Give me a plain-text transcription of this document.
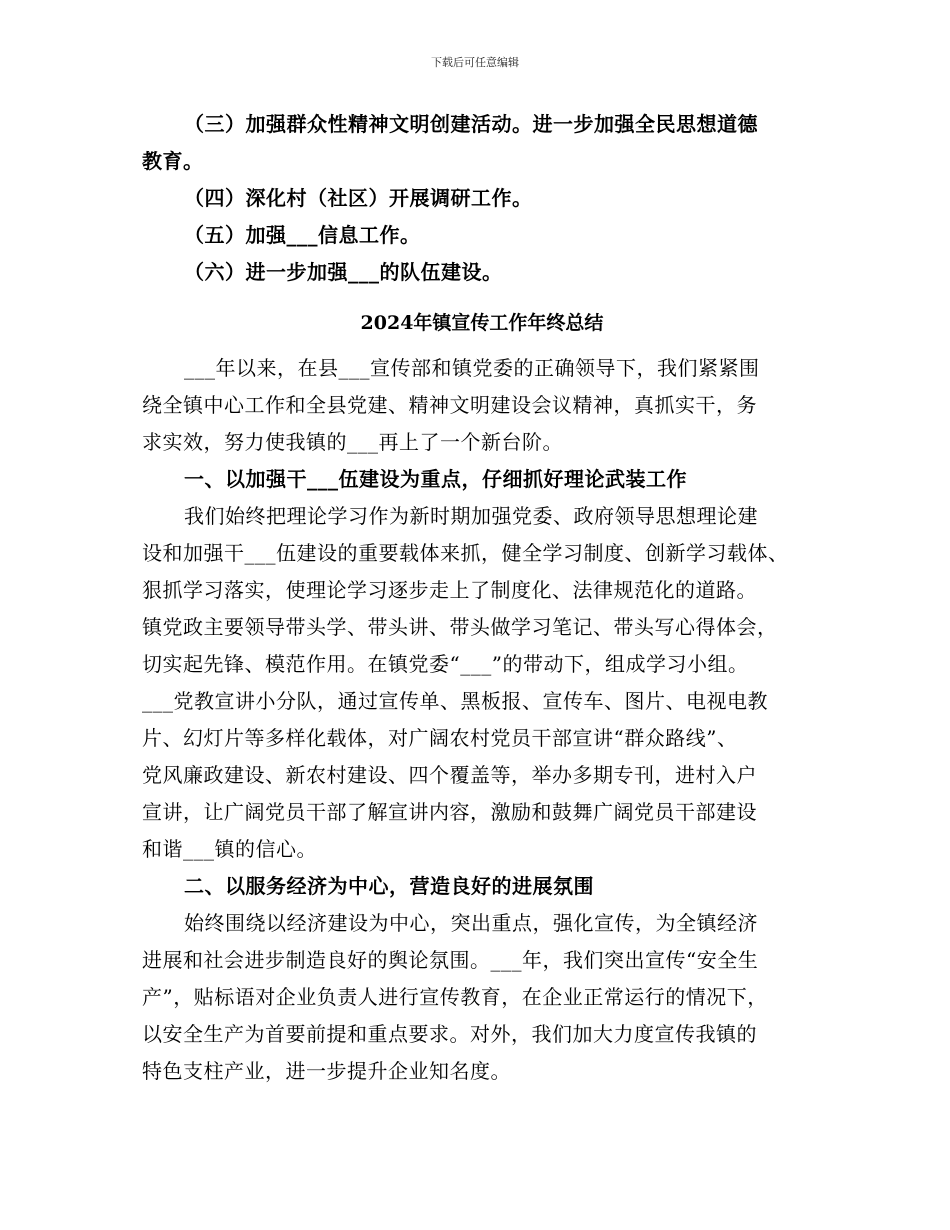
下载后可任意编辑
（三）加强群众性精神文明创建活动。进一步加强全民思想道德
教育。
（四）深化村（社区）开展调研工作。
（五）加强___信息工作。
（六）进一步加强___的队伍建设。
2024年镇宣传工作年终总结
___年以来，在县___宣传部和镇党委的正确领导下，我们紧紧围
绕全镇中心工作和全县党建、精神文明建设会议精神，真抓实干，务
求实效，努力使我镇的___再上了一个新台阶。
一、以加强干___伍建设为重点，仔细抓好理论武装工作
我们始终把理论学习作为新时期加强党委、政府领导思想理论建
设和加强干___伍建设的重要载体来抓，健全学习制度、创新学习载体、
狠抓学习落实，使理论学习逐步走上了制度化、法律规范化的道路。
镇党政主要领导带头学、带头讲、带头做学习笔记、带头写心得体会，
切实起先锋、模范作用。在镇党委“___”的带动下，组成学习小组。
___党教宣讲小分队，通过宣传单、黑板报、宣传车、图片、电视电教
片、幻灯片等多样化载体，对广阔农村党员干部宣讲“群众路线”、
党风廉政建设、新农村建设、四个覆盖等，举办多期专刊，进村入户
宣讲，让广阔党员干部了解宣讲内容，激励和鼓舞广阔党员干部建设
和谐___镇的信心。
二、以服务经济为中心，营造良好的进展氛围
始终围绕以经济建设为中心，突出重点，强化宣传，为全镇经济
进展和社会进步制造良好的舆论氛围。___年，我们突出宣传“安全生
产”，贴标语对企业负责人进行宣传教育，在企业正常运行的情况下，
以安全生产为首要前提和重点要求。对外，我们加大力度宣传我镇的
特色支柱产业，进一步提升企业知名度。
